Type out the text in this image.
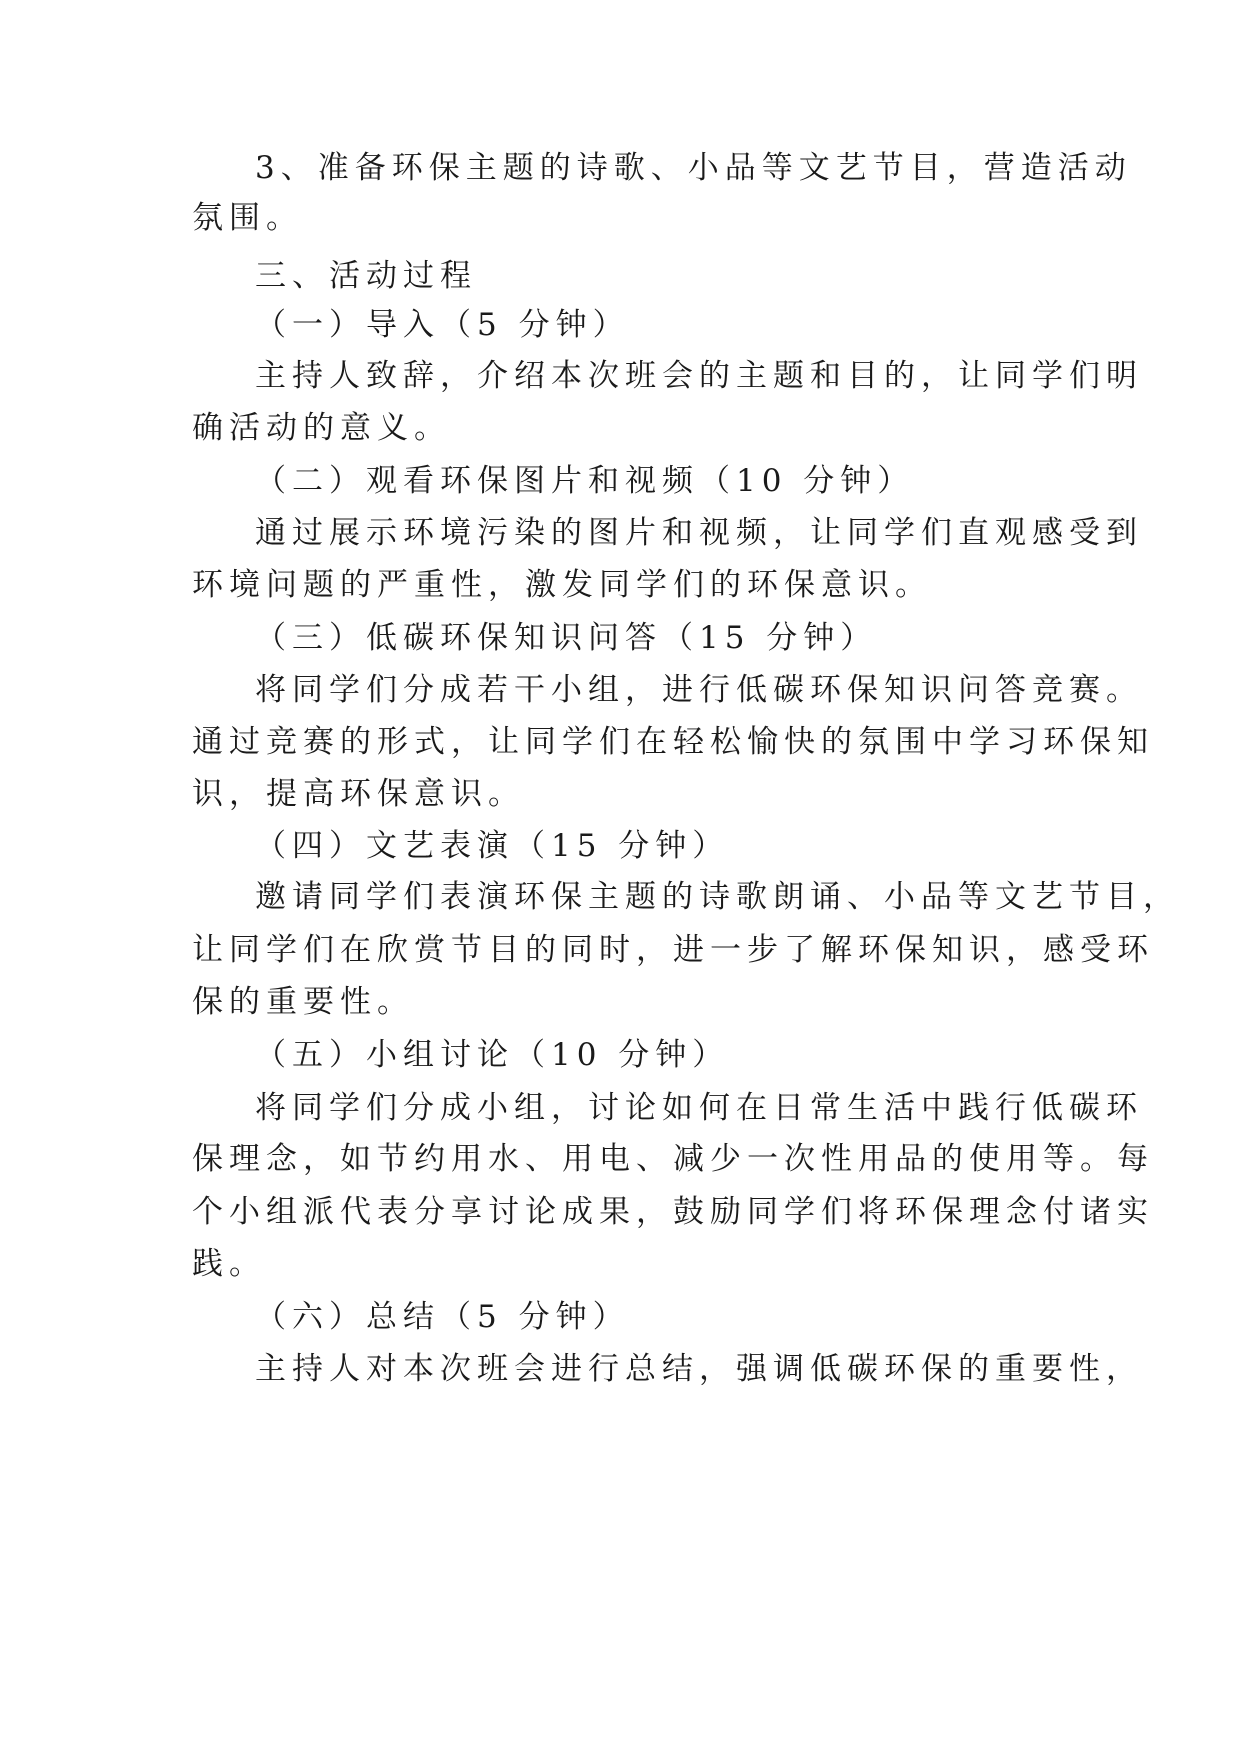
3、准备环保主题的诗歌、小品等文艺节目，营造活动
氛围。
三、活动过程
（一）导入（5 分钟）
主持人致辞，介绍本次班会的主题和目的，让同学们明
确活动的意义。
（二）观看环保图片和视频（10 分钟）
通过展示环境污染的图片和视频，让同学们直观感受到
环境问题的严重性，激发同学们的环保意识。
（三）低碳环保知识问答（15 分钟）
将同学们分成若干小组，进行低碳环保知识问答竞赛。
通过竞赛的形式，让同学们在轻松愉快的氛围中学习环保知
识，提高环保意识。
（四）文艺表演（15 分钟）
邀请同学们表演环保主题的诗歌朗诵、小品等文艺节目，
让同学们在欣赏节目的同时，进一步了解环保知识，感受环
保的重要性。
（五）小组讨论（10 分钟）
将同学们分成小组，讨论如何在日常生活中践行低碳环
保理念，如节约用水、用电、减少一次性用品的使用等。每
个小组派代表分享讨论成果，鼓励同学们将环保理念付诸实
践。
（六）总结（5 分钟）
主持人对本次班会进行总结，强调低碳环保的重要性，
